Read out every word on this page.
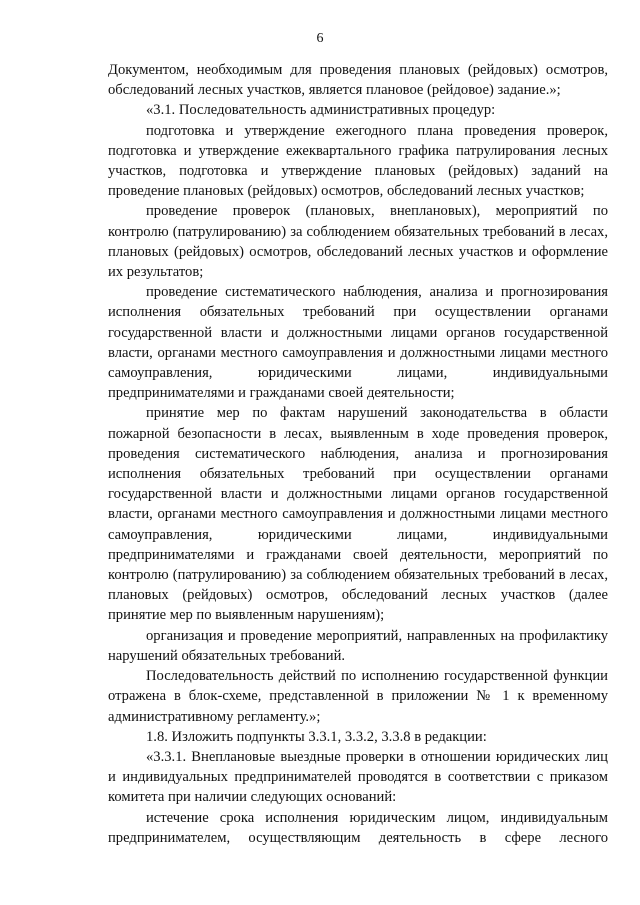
6

Документом, необходимым для проведения плановых (рейдовых) осмотров, обследований лесных участков, является плановое (рейдовое) задание.»;

«3.1. Последовательность административных процедур:

подготовка и утверждение ежегодного плана проведения проверок, подготовка и утверждение ежеквартального графика патрулирования лесных участков, подготовка и утверждение плановых (рейдовых) заданий на проведение плановых (рейдовых) осмотров, обследований лесных участков;

проведение проверок (плановых, внеплановых), мероприятий по контролю (патрулированию) за соблюдением обязательных требований в лесах, плановых (рейдовых) осмотров, обследований лесных участков и оформление их результатов;

проведение систематического наблюдения, анализа и прогнозирования исполнения обязательных требований при осуществлении органами государственной власти и должностными лицами органов государственной власти, органами местного самоуправления и должностными лицами местного самоуправления, юридическими лицами, индивидуальными предпринимателями и гражданами своей деятельности;

принятие мер по фактам нарушений законодательства в области пожарной безопасности в лесах, выявленным в ходе проведения проверок, проведения систематического наблюдения, анализа и прогнозирования исполнения обязательных требований при осуществлении органами государственной власти и должностными лицами органов государственной власти, органами местного самоуправления и должностными лицами местного самоуправления, юридическими лицами, индивидуальными предпринимателями и гражданами своей деятельности, мероприятий по контролю (патрулированию) за соблюдением обязательных требований в лесах, плановых (рейдовых) осмотров, обследований лесных участков (далее принятие мер по выявленным нарушениям);

организация и проведение мероприятий, направленных на профилактику нарушений обязательных требований.

Последовательность действий по исполнению государственной функции отражена в блок-схеме, представленной в приложении № 1 к временному административному регламенту.»;

1.8. Изложить подпункты 3.3.1, 3.3.2, 3.3.8 в редакции:

«3.3.1. Внеплановые выездные проверки в отношении юридических лиц и индивидуальных предпринимателей проводятся в соответствии с приказом комитета при наличии следующих оснований:

истечение срока исполнения юридическим лицом, индивидуальным предпринимателем, осуществляющим деятельность в сфере лесного
